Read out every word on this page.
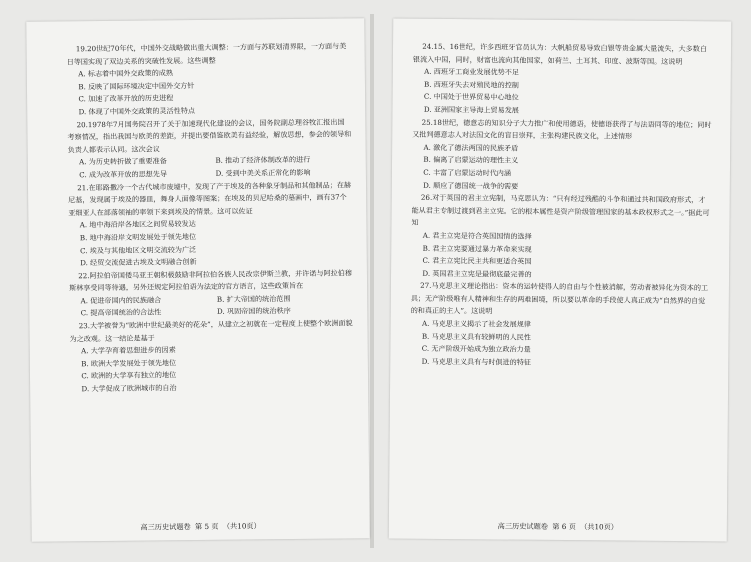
19.20世纪70年代，中国外交战略做出重大调整：一方面与苏联划清界限，一方面与美日等国实现了双边关系的突破性发展。这些调整

A. 标志着中国外交政策的成熟

B. 反映了国际环境决定中国外交方针

C. 加速了改革开放的历史进程

D. 体现了中国外交政策的灵活性特点

20.1978年7月国务院召开了关于加速现代化建设的会议，国务院副总理谷牧汇报出国考察情况，指出我国与欧美的差距，并提出要借鉴欧美有益经验，解放思想，参会的领导和负责人都表示认同。这次会议

A. 为历史转折做了重要准备	B. 推动了经济体制改革的进行
C. 成为改革开放的思想先导	D. 受到中美关系正常化的影响

21.在耶路撒冷一个古代城市废墟中，发现了产于埃及的各种象牙制品和其他制品；在赫尼基，发现属于埃及的器皿，舞身人面像等图案；在埃及的贝尼哈桑的墓画中，画有37个亚细亚人在部落领袖的率领下来到埃及的情景。这可以佐证

A. 地中海沿岸各地区之间贸易较发达

B. 地中海沿岸文明发展处于领先地位

C. 埃及与其他地区文明交流较为广泛

D. 经贸交流促进古埃及文明融合创新

22.阿拉伯帝国倭马亚王朝积极鼓励非阿拉伯各族人民改宗伊斯兰教，并许诺与阿拉伯穆斯林享受同等待遇，另外还规定阿拉伯语为法定的官方语言，这些政策旨在

A. 促进帝国内的民族融合	B. 扩大帝国的统治范围
C. 提高帝国统治的合法性	D. 巩固帝国的统治秩序

23.大学被誉为“欧洲中世纪最美好的花朵”，从建立之初就在一定程度上使整个欧洲面貌为之改观。这一结论是基于

A. 大学孕育着思想进步的因素

B. 欧洲大学发展处于领先地位

C. 欧洲的大学享有独立的地位

D. 大学促成了欧洲城市的自治

高三历史试题卷 第 5 页 （共10页）

24.15、16世纪，许多西班牙官员认为：大帆船贸易导致白银等贵金属大量流失，大多数白银流入中国，同时，财富也流向其他国家，如荷兰、土耳其、印度、波斯等国。这说明

A. 西班牙工商业发展优势不足

B. 西班牙失去对殖民地的控制

C. 中国处于世界贸易中心地位

D. 亚洲国家主导海上贸易发展

25.18世纪，德意志的知识分子大力推广和使用德语，使德语获得了与法语同等的地位；同时又批判德意志人对法国文化的盲目崇拜，主张构建民族文化，上述情形

A. 激化了德法两国的民族矛盾

B. 偏离了启蒙运动的理性主义

C. 丰富了启蒙运动时代内涵

D. 顺应了德国统一战争的需要

26.对于英国的君主立宪制，马克思认为：“只有经过残酷的斗争和通过共和国政府形式，才能从君主专制过渡到君主立宪。它的根本属性是资产阶级管理国家的基本政权形式之一。”据此可知

A. 君主立宪是符合英国国情的选择

B. 君主立宪要通过暴力革命来实现

C. 君主立宪比民主共和更适合英国

D. 英国君主立宪是最彻底最完善的

27.马克思主义理论指出：资本的运转使得人的自由与个性被消解，劳动者被异化为资本的工具；无产阶级唯有人精神和生存的两难困境，所以要以革命的手段使人真正成为“自然界的自觉的和真正的主人”。这说明

A. 马克思主义揭示了社会发展规律

B. 马克思主义具有较鲜明的人民性

C. 无产阶级开始成为独立政治力量

D. 马克思主义具有与时俱进的特征

高三历史试题卷 第 6 页 （共10页）
